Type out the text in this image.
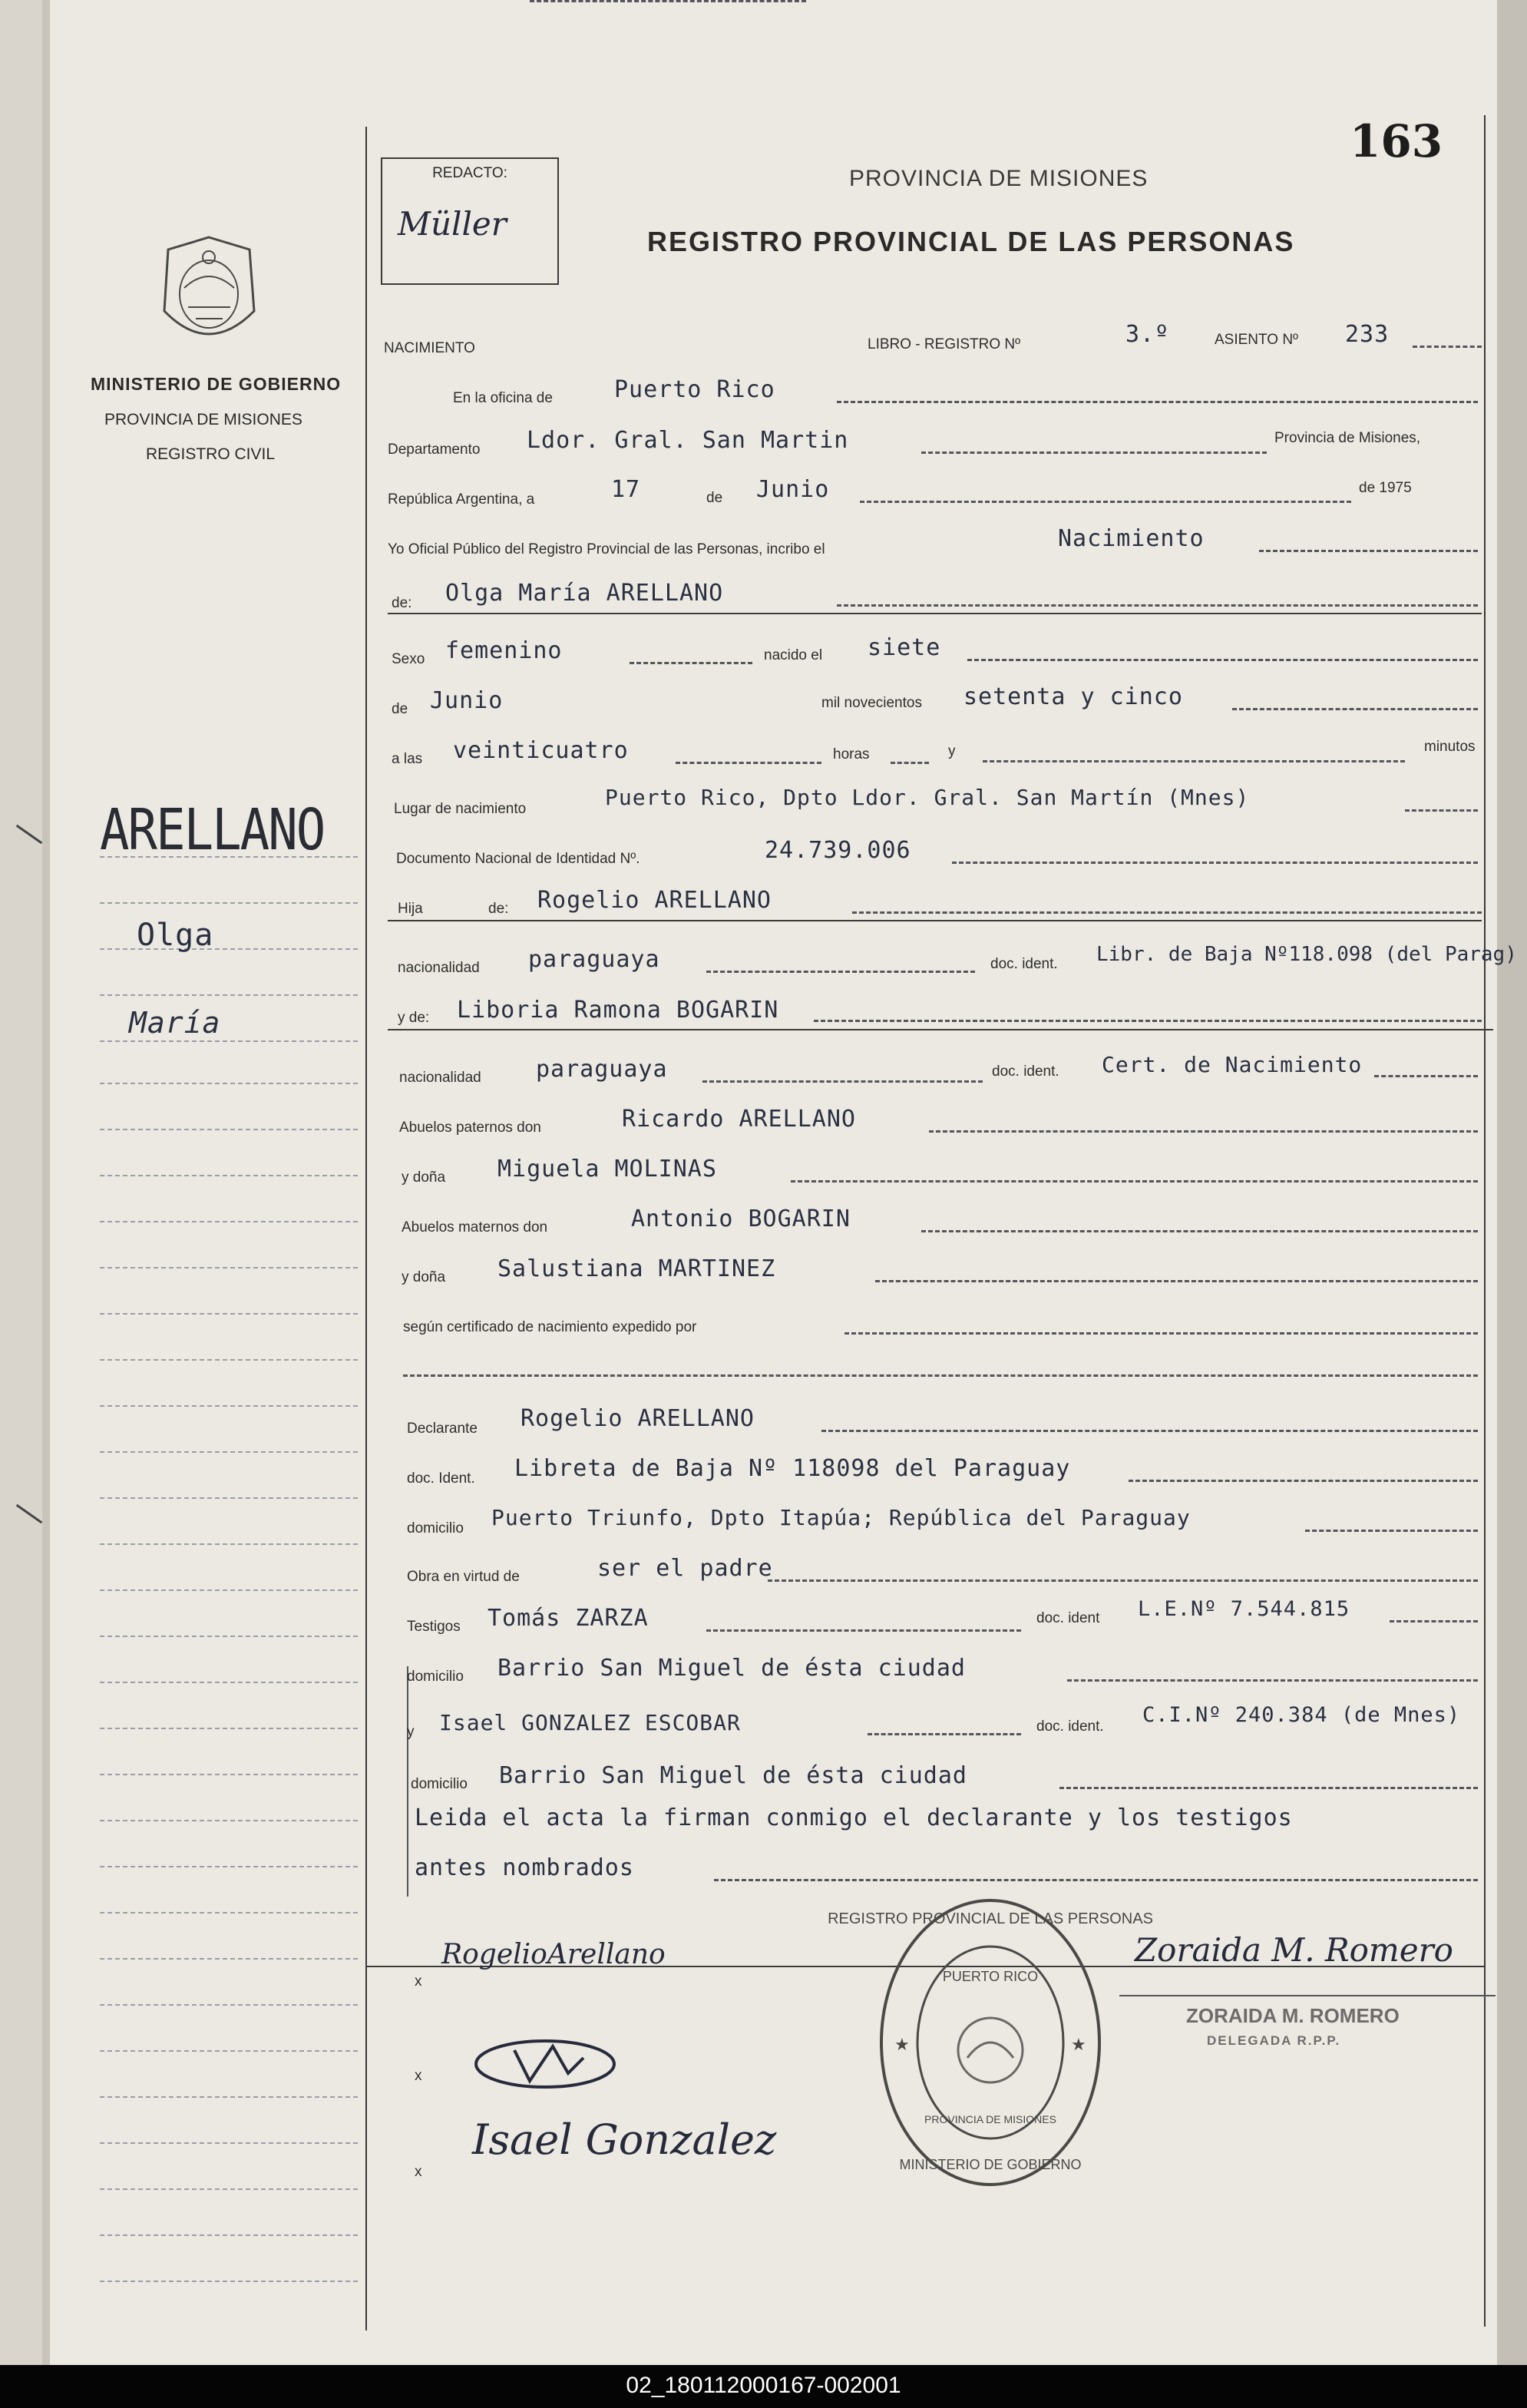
163
REDACTO:
Müller
PROVINCIA DE MISIONES
REGISTRO PROVINCIAL DE LAS PERSONAS
MINISTERIO DE GOBIERNO
PROVINCIA DE MISIONES
REGISTRO CIVIL
ARELLANO
Olga
María
NACIMIENTO	LIBRO - REGISTRO Nº	3.º	ASIENTO Nº 233
En la oficina de	Puerto Rico
Departamento Ldor. Gral. San Martin	Provincia de Misiones,
República Argentina, a	17	de Junio	de 1975
Yo Oficial Público del Registro Provincial de las Personas, incribo el	Nacimiento
de: Olga María ARELLANO
Sexo femenino	nacido el siete
de Junio	mil novecientos setenta y cinco
a las veinticuatro	horas	y	minutos
Lugar de nacimiento	Puerto Rico, Dpto Ldor. Gral. San Martín (Mnes)
Documento Nacional de Identidad Nº.	24.739.006
Hija	de: Rogelio ARELLANO
nacionalidad paraguaya	doc. ident. Libr. de Baja Nº118.098 (del Parag)
y de: Liboria Ramona BOGARIN
nacionalidad paraguaya	doc. ident. Cert. de Nacimiento
Abuelos paternos don	Ricardo ARELLANO
y doña Miguela MOLINAS
Abuelos maternos don	Antonio BOGARIN
y doña Salustiana MARTINEZ
según certificado de nacimiento expedido por
Declarante Rogelio ARELLANO
doc. Ident. Libreta de Baja Nº 118098 del Paraguay
domicilio Puerto Triunfo, Dpto Itapúa; República del Paraguay
Obra en virtud de	ser el padre
Testigos Tomás ZARZA	doc. ident L.E.Nº 7.544.815
domicilio Barrio San Miguel de ésta ciudad
y Isael GONZALEZ ESCOBAR	doc. ident. C.I.Nº 240.384 (de Mnes)
domicilio Barrio San Miguel de ésta ciudad
Leida el acta la firman conmigo el declarante y los testigos
antes nombrados
x
RogelioArellano
x
Isael Gonzalez
x
REGISTRO PROVINCIAL DE LAS PERSONAS
PUERTO RICO
PROVINCIA DE MISIONES
MINISTERIO DE GOBIERNO
★	★
Zoraida M. Romero
ZORAIDA M. ROMERO
DELEGADA R.P.P.
02_180112000167-002001
